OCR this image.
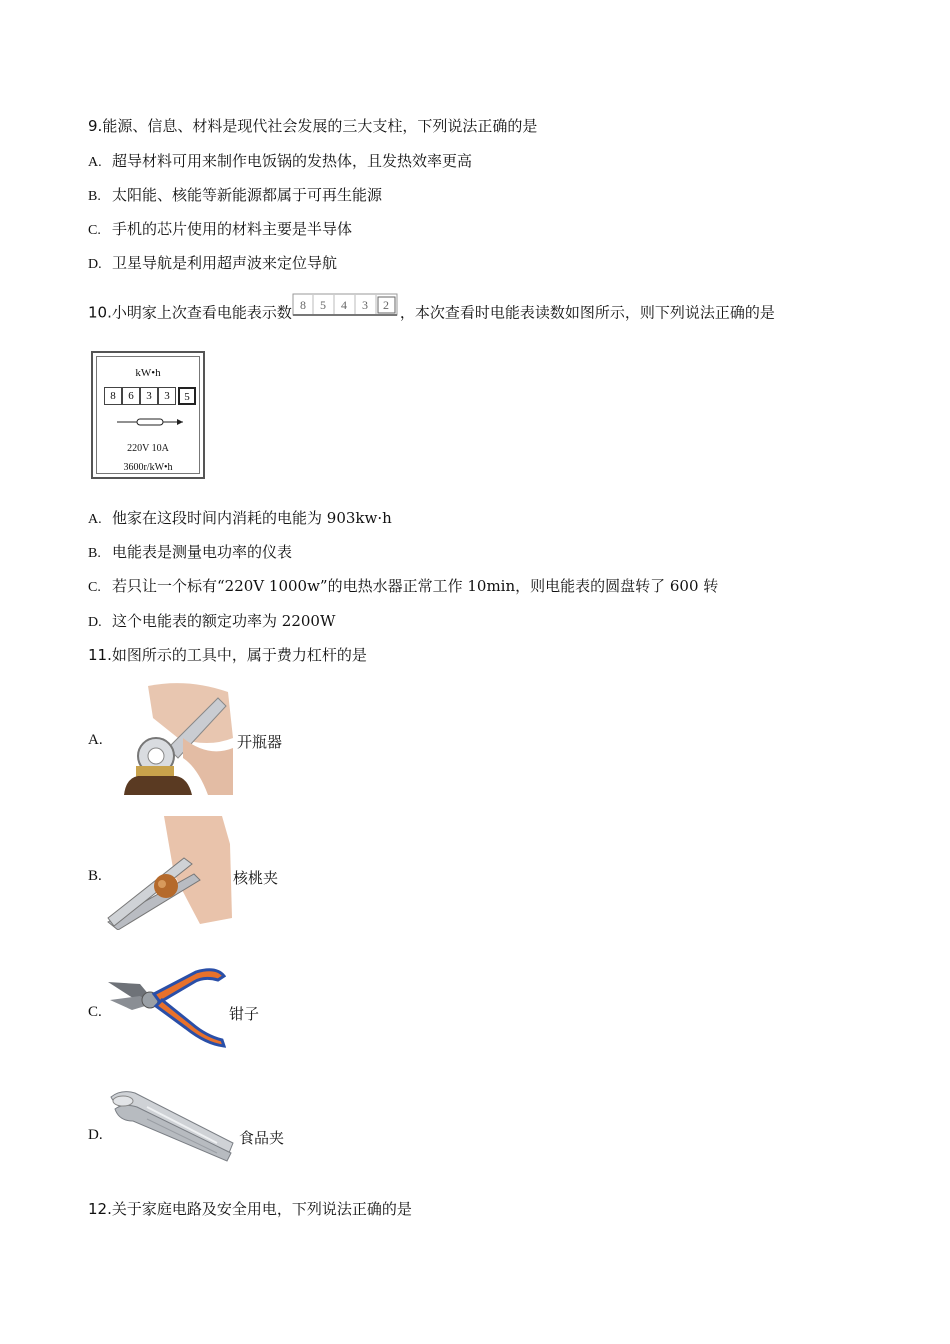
9.能源、信息、材料是现代社会发展的三大支柱，下列说法正确的是
A. 超导材料可用来制作电饭锅的发热体，且发热效率更高
B. 太阳能、核能等新能源都属于可再生能源
C. 手机的芯片使用的材料主要是半导体
D. 卫星导航是利用超声波来定位导航
10.小明家上次查看电能表示数 8 5 4 3 2 ，本次查看时电能表读数如图所示，则下列说法正确的是
kW•h
8	6	3	3	5
220V 10A
3600r/kW•h
A. 他家在这段时间内消耗的电能为 903kw·h
B. 电能表是测量电功率的仪表
C. 若只让一个标有“220V 1000w”的电热水器正常工作 10min，则电能表的圆盘转了 600 转
D. 这个电能表的额定功率为 2200W
11.如图所示的工具中，属于费力杠杆的是
A.	开瓶器
B.	核桃夹
C.	钳子
D.	食品夹
12.关于家庭电路及安全用电，下列说法正确的是
